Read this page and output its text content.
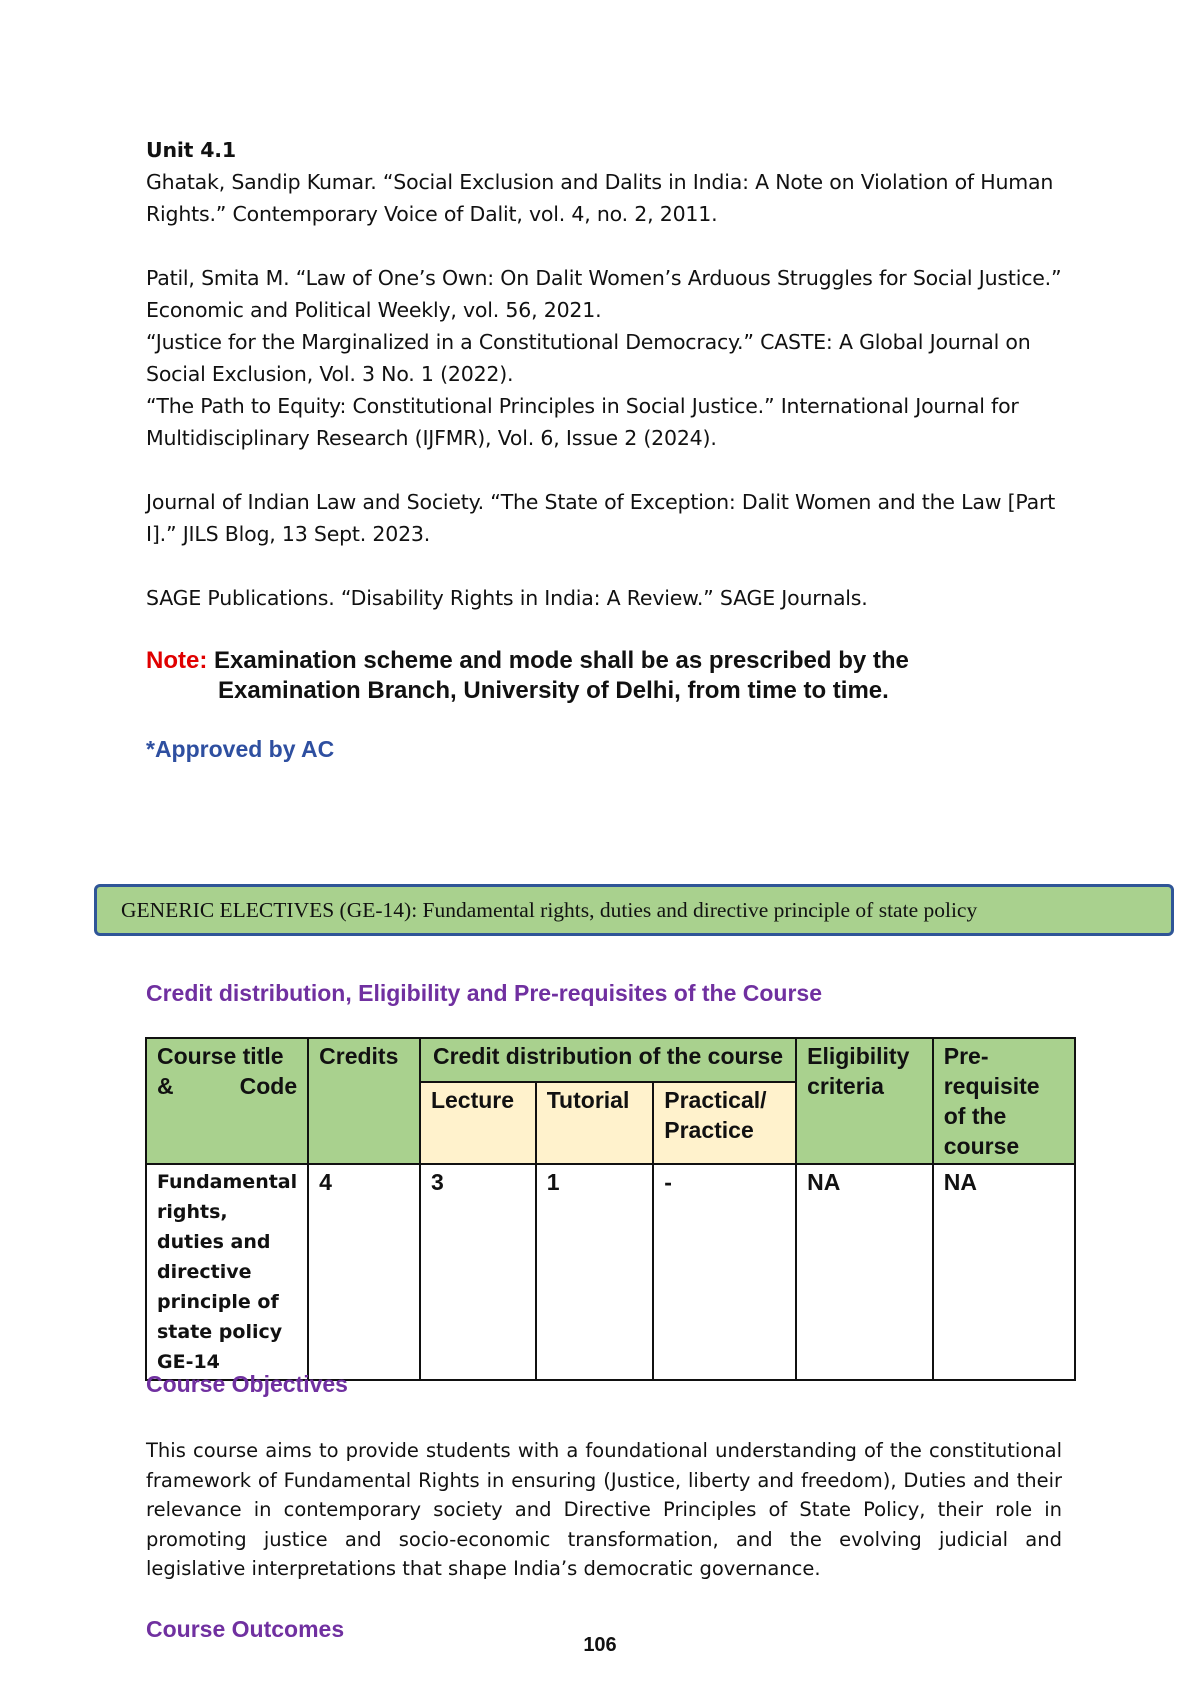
Unit 4.1

Ghatak, Sandip Kumar. “Social Exclusion and Dalits in India: A Note on Violation of Human Rights.” Contemporary Voice of Dalit, vol. 4, no. 2, 2011.

Patil, Smita M. “Law of One’s Own: On Dalit Women’s Arduous Struggles for Social Justice.” Economic and Political Weekly, vol. 56, 2021.

“Justice for the Marginalized in a Constitutional Democracy.” CASTE: A Global Journal on Social Exclusion, Vol. 3 No. 1 (2022).

“The Path to Equity: Constitutional Principles in Social Justice.” International Journal for Multidisciplinary Research (IJFMR), Vol. 6, Issue 2 (2024).

Journal of Indian Law and Society. “The State of Exception: Dalit Women and the Law [Part I].” JILS Blog, 13 Sept. 2023.

SAGE Publications. “Disability Rights in India: A Review.” SAGE Journals.

Note: Examination scheme and mode shall be as prescribed by the
Examination Branch, University of Delhi, from time to time.
*Approved by AC
GENERIC ELECTIVES (GE-14): Fundamental rights, duties and directive principle of state policy
Credit distribution, Eligibility and Pre-requisites of the Course
Course title & Code	Credits	Credit distribution of the course			Eligibility criteria	Pre-requisite of the course
		Lecture	Tutorial	Practical/ Practice		
Fundamental rights, duties and directive principle of state policy GE-14	4	3	1	-	NA	NA
Course Objectives

This course aims to provide students with a foundational understanding of the constitutional framework of Fundamental Rights in ensuring (Justice, liberty and freedom), Duties and their relevance in contemporary society and Directive Principles of State Policy, their role in promoting justice and socio-economic transformation, and the evolving judicial and legislative interpretations that shape India’s democratic governance.

Course Outcomes
106
